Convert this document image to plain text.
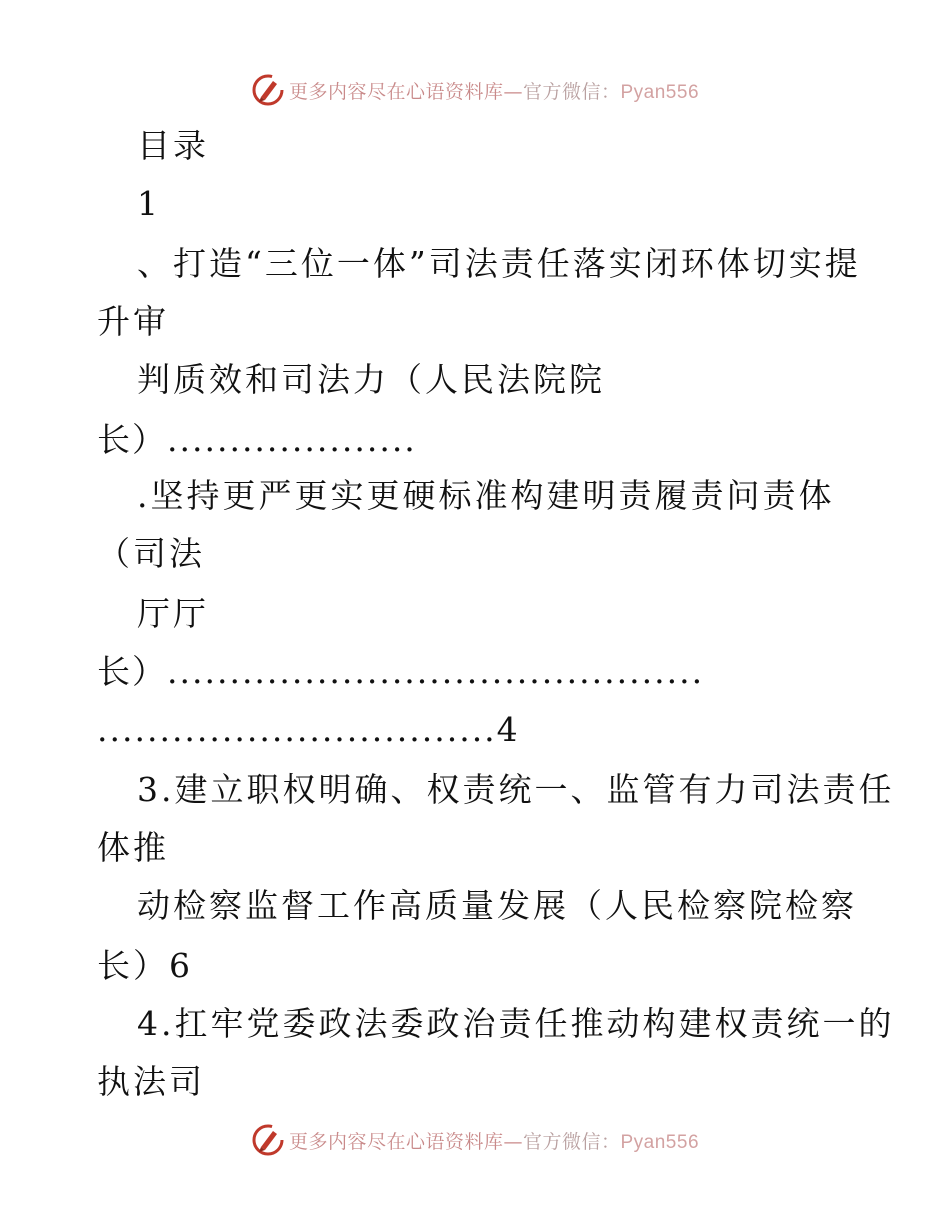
更多内容尽在心语资料库—官方微信：Pyan556
目录
1
、打造“三位一体”司法责任落实闭环体切实提
升审
判质效和司法力（人民法院院
长）....................
.坚持更严更实更硬标准构建明责履责问责体
（司法
厅厅
长）...........................................
................................4
3.建立职权明确、权责统一、监管有力司法责任
体推
动检察监督工作高质量发展（人民检察院检察
长）6
4.扛牢党委政法委政治责任推动构建权责统一的
执法司
更多内容尽在心语资料库—官方微信：Pyan556
